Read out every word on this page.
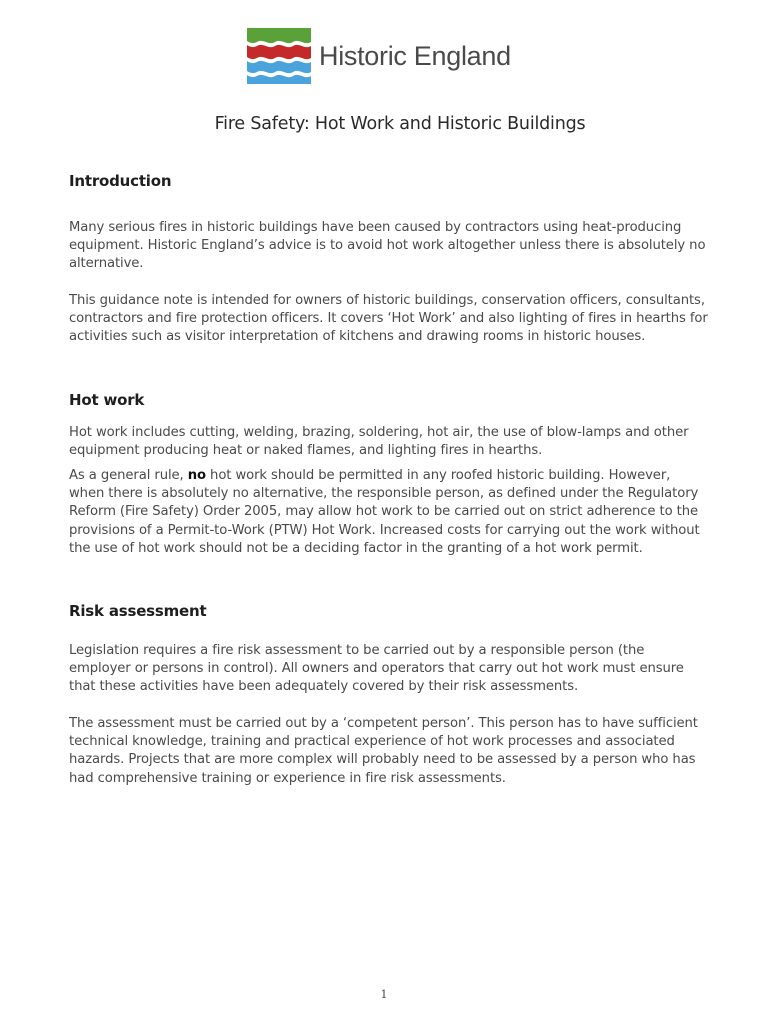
Historic England
Fire Safety: Hot Work and Historic Buildings
Introduction

Many serious fires in historic buildings have been caused by contractors using heat-producing equipment. Historic England’s advice is to avoid hot work altogether unless there is absolutely no alternative.

This guidance note is intended for owners of historic buildings, conservation officers, consultants, contractors and fire protection officers. It covers ‘Hot Work’ and also lighting of fires in hearths for activities such as visitor interpretation of kitchens and drawing rooms in historic houses.

Hot work

Hot work includes cutting, welding, brazing, soldering, hot air, the use of blow-lamps and other equipment producing heat or naked flames, and lighting fires in hearths.

As a general rule, no hot work should be permitted in any roofed historic building. However, when there is absolutely no alternative, the responsible person, as defined under the Regulatory Reform (Fire Safety) Order 2005, may allow hot work to be carried out on strict adherence to the provisions of a Permit-to-Work (PTW) Hot Work. Increased costs for carrying out the work without the use of hot work should not be a deciding factor in the granting of a hot work permit.

Risk assessment

Legislation requires a fire risk assessment to be carried out by a responsible person (the employer or persons in control). All owners and operators that carry out hot work must ensure that these activities have been adequately covered by their risk assessments.

The assessment must be carried out by a ‘competent person’. This person has to have sufficient technical knowledge, training and practical experience of hot work processes and associated hazards. Projects that are more complex will probably need to be assessed by a person who has had comprehensive training or experience in fire risk assessments.

1
